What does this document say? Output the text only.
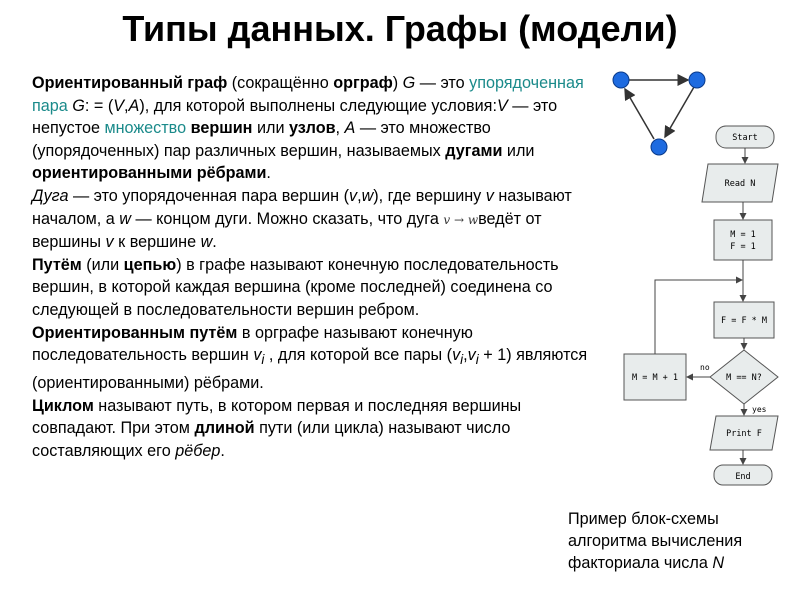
Типы данных. Графы (модели)

Ориентированный граф (сокращённо орграф) G — это упорядоченная пара G: = (V,A), для которой выполнены следующие условия:V — это непустое множество вершин или узлов, A — это множество (упорядоченных) пар различных вершин, называемых дугами или ориентированными рёбрами.

Дуга — это упорядоченная пара вершин (v,w), где вершину v называют началом, а w — концом дуги. Можно сказать, что дуга v → wведёт от вершины v к вершине w.

Путём (или цепью) в графе называют конечную последовательность вершин, в которой каждая вершина (кроме последней) соединена со следующей в последовательности вершин ребром.

Ориентированным путём в орграфе называют конечную последовательность вершин $v_i$ , для которой все пары $(v_i,v_i + 1)$ являются (ориентированными) рёбрами.

Циклом называют путь, в котором первая и последняя вершины совпадают. При этом длиной пути (или цикла) называют число составляющих его рёбер.

Start
Read N
M = 1
F = 1
F = F * M
M == N?
M = M + 1
Print F
End
no
yes
Пример блок-схемы алгоритма вычисления факториала числа N
